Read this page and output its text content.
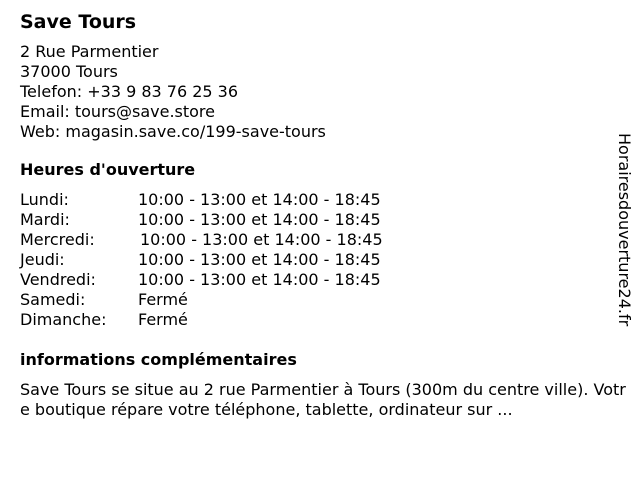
Save Tours
2 Rue Parmentier
37000 Tours
Telefon: +33 9 83 76 25 36
Email: tours@save.store
Web: magasin.save.co/199-save-tours
Heures d'ouverture
Lundi:	10:00 - 13:00 et 14:00 - 18:45
Mardi:	10:00 - 13:00 et 14:00 - 18:45
Mercredi:	10:00 - 13:00 et 14:00 - 18:45
Jeudi:	10:00 - 13:00 et 14:00 - 18:45
Vendredi:	10:00 - 13:00 et 14:00 - 18:45
Samedi:	Fermé
Dimanche: Fermé
informations complémentaires
Save Tours se situe au 2 rue Parmentier à Tours (300m du centre ville). Votre boutique répare votre téléphone, tablette, ordinateur sur ...
Horairesdouverture24.fr
